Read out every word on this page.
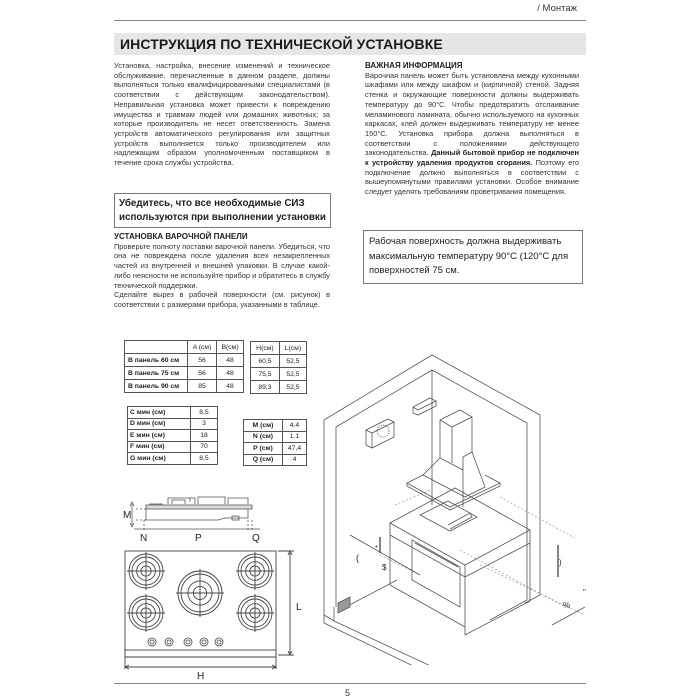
/ Монтаж
ИНСТРУКЦИЯ ПО ТЕХНИЧЕСКОЙ УСТАНОВКЕ
Установка, настройка, внесение изменений и техническое обслуживание, перечисленные в данном разделе, должны выполняться только квалифицированными специалистами (в соответствии с действующим законодательством). Неправильная установка может привести к повреждению имущества и травмам людей или домашних животных; за которые производитель не несет ответственность. Замена устройств автоматического регулирования или защитных устройств выполняется только производителем или надлежащим образом уполномоченным поставщиком в течение срока службы устройства.
Убедитесь, что все необходимые СИЗ используются при выполнении установки
УСТАНОВКА ВАРОЧНОЙ ПАНЕЛИ
Проверьте полноту поставки варочной панели. Убедиться, что она не повреждена после удаления всех незакрепленных частей из внутренней и внешней упаковки. В случае какой-либо неясности не используйте прибор и обратитесь в службу технической поддержки.
Сделайте вырез в рабочей поверхности (см. рисунок) в соответствии с размерами прибора, указанными в таблице.
ВАЖНАЯ ИНФОРМАЦИЯ
Варочная панель может быть установлена между кухонными шкафами или между шкафом и (кирпичной) стеной. Задняя стенка и окружающие поверхности должны выдерживать температуру до 90°C. Чтобы предотвратить отслаивание меламинового ламината, обычно используемого на кухонных каркасах, клей должен выдерживать температуру не менее 150°C. Установка прибора должна выполняться в соответствии с положениями действующего законодательства. Данный бытовой прибор не подключен к устройству удаления продуктов сгорания. Поэтому его подключение должно выполняться в соответствии с вышеупомянутыми правилами установки. Особое внимание следует уделять требованиям проветривания помещения.
Рабочая поверхность должна выдерживать максимальную температуру 90°C (120°C для поверхностей 75 см.
	A (см)	B(см)
В панель 60 см	56	48
В панель 75 см	56	48
В панель 90 см	85	48
H(см)	L(см)
60,5	52,5
75,5	52,5
89,3	52,5
C мин (см)	8,5
D мин (см)	3
E мин (см)	18
F мин (см)	70
G мин (см)	8,5
M (см)	4.4
N (см)	1.1
P (см)	47,4
Q (см)	4
M
N	P	Q
H
L
(
$
*
)
%
"
5
